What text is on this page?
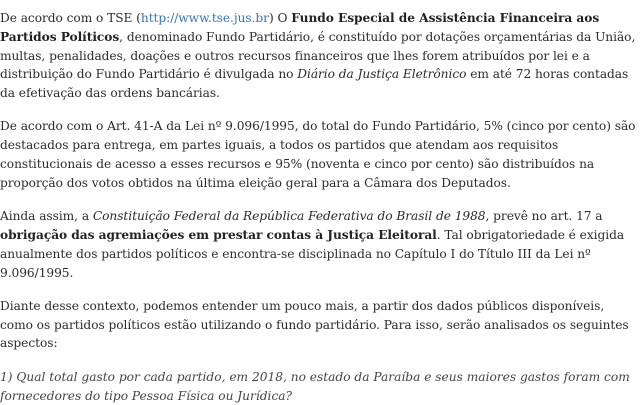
De acordo com o TSE (http://www.tse.jus.br) O Fundo Especial de Assistência Financeira aos Partidos Políticos, denominado Fundo Partidário, é constituído por dotações orçamentárias da União, multas, penalidades, doações e outros recursos financeiros que lhes forem atribuídos por lei e a distribuição do Fundo Partidário é divulgada no Diário da Justiça Eletrônico em até 72 horas contadas da efetivação das ordens bancárias.

De acordo com o Art. 41-A da Lei nº 9.096/1995, do total do Fundo Partidário, 5% (cinco por cento) são destacados para entrega, em partes iguais, a todos os partidos que atendam aos requisitos constitucionais de acesso a esses recursos e 95% (noventa e cinco por cento) são distribuídos na proporção dos votos obtidos na última eleição geral para a Câmara dos Deputados.

Ainda assim, a Constituição Federal da República Federativa do Brasil de 1988, prevê no art. 17 a obrigação das agremiações em prestar contas à Justiça Eleitoral. Tal obrigatoriedade é exigida anualmente dos partidos políticos e encontra-se disciplinada no Capítulo I do Título III da Lei nº 9.096/1995.

Diante desse contexto, podemos entender um pouco mais, a partir dos dados públicos disponíveis, como os partidos políticos estão utilizando o fundo partidário. Para isso, serão analisados os seguintes aspectos:

1) Qual total gasto por cada partido, em 2018, no estado da Paraíba e seus maiores gastos foram com fornecedores do tipo Pessoa Física ou Jurídica?
